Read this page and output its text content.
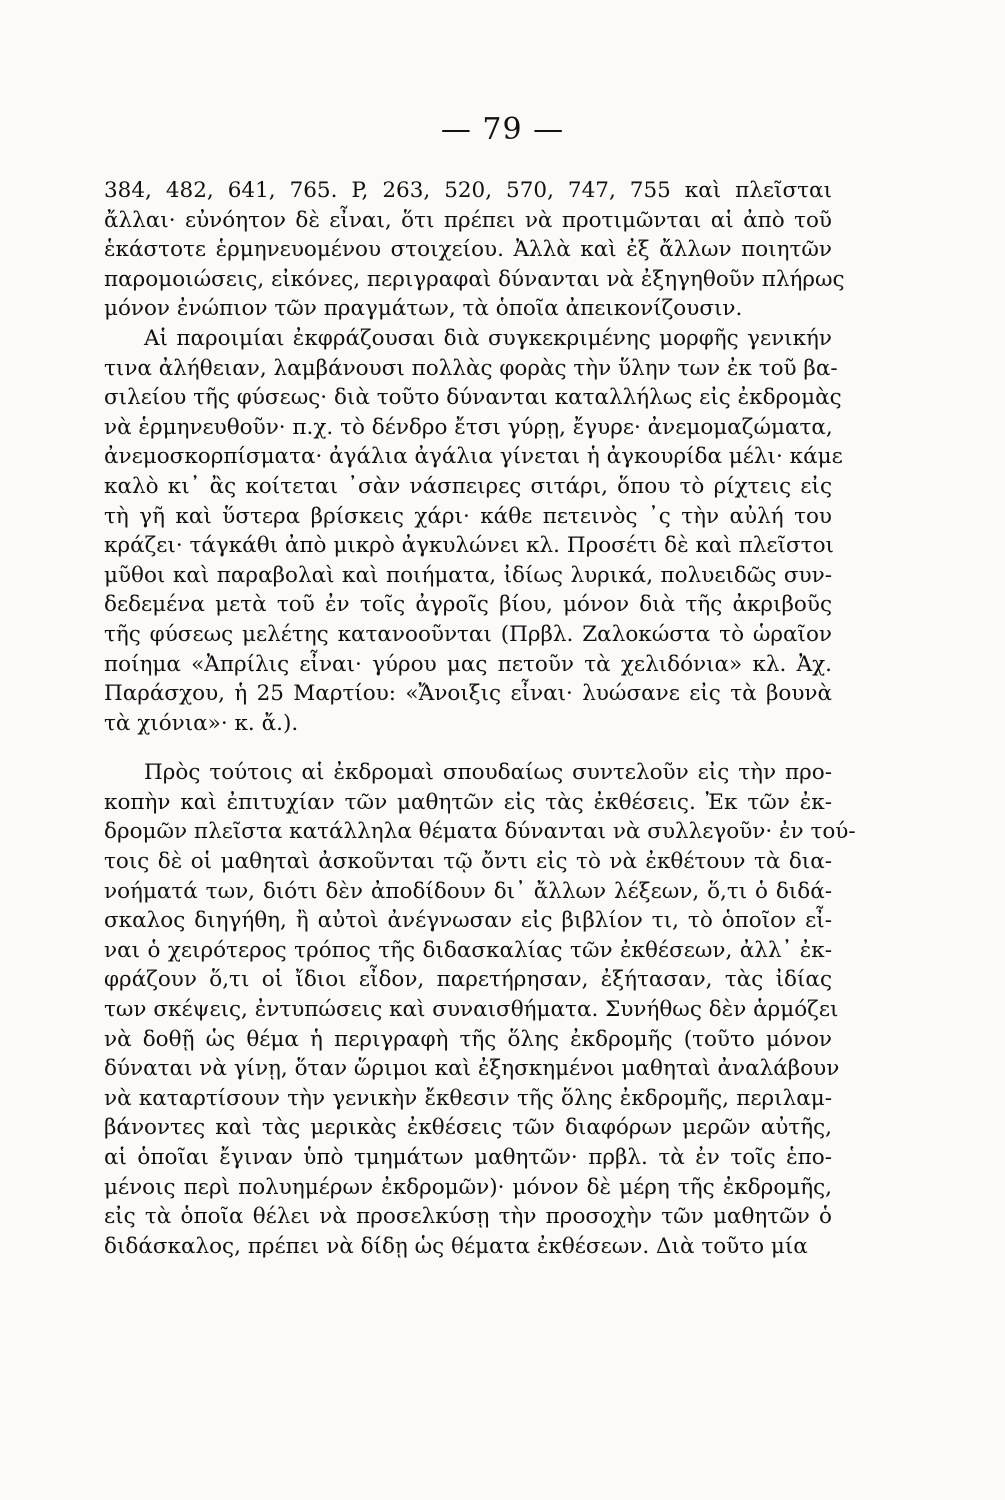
— 79 —
384, 482, 641, 765. P, 263, 520, 570, 747, 755 καὶ πλεῖσται
ἄλλαι· εὐνόητον δὲ εἶναι, ὅτι πρέπει νὰ προτιμῶνται αἱ ἀπὸ τοῦ
ἑκάστοτε ἑρμηνευομένου στοιχείου. Ἀλλὰ καὶ ἐξ ἄλλων ποιητῶν
παρομοιώσεις, εἰκόνες, περιγραφαὶ δύνανται νὰ ἐξηγηθοῦν πλήρως
μόνον ἐνώπιον τῶν πραγμάτων, τὰ ὁποῖα ἀπεικονίζουσιν.
Αἱ παροιμίαι ἐκφράζουσαι διὰ συγκεκριμένης μορφῆς γενικήν
τινα ἀλήθειαν, λαμβάνουσι πολλὰς φορὰς τὴν ὕλην των ἐκ τοῦ βα-
σιλείου τῆς φύσεως· διὰ τοῦτο δύνανται καταλλήλως εἰς ἐκδρομὰς
νὰ ἑρμηνευθοῦν· π.χ. τὸ δένδρο ἔτσι γύρῃ, ἔγυρε· ἀνεμομαζώματα,
ἀνεμοσκορπίσματα· ἀγάλια ἀγάλια γίνεται ἡ ἀγκουρίδα μέλι· κάμε
καλὸ κι᾽ ἂς κοίτεται ᾽σὰν νάσπειρες σιτάρι, ὅπου τὸ ρίχτεις εἰς
τὴ γῆ καὶ ὕστερα βρίσκεις χάρι· κάθε πετεινὸς ᾽ς τὴν αὐλή του
κράζει· τάγκάθι ἀπὸ μικρὸ ἀγκυλώνει κλ. Προσέτι δὲ καὶ πλεῖστοι
μῦθοι καὶ παραβολαὶ καὶ ποιήματα, ἰδίως λυρικά, πολυειδῶς συν-
δεδεμένα μετὰ τοῦ ἐν τοῖς ἀγροῖς βίου, μόνον διὰ τῆς ἀκριβοῦς
τῆς φύσεως μελέτης κατανοοῦνται (Πρβλ. Ζαλοκώστα τὸ ὡραῖον
ποίημα «Ἀπρίλις εἶναι· γύρου μας πετοῦν τὰ χελιδόνια» κλ. Ἀχ.
Παράσχου, ἡ 25 Μαρτίου: «Ἄνοιξις εἶναι· λυώσανε εἰς τὰ βουνὰ
τὰ χιόνια»· κ. ἄ.).
Πρὸς τούτοις αἱ ἐκδρομαὶ σπουδαίως συντελοῦν εἰς τὴν προ-
κοπὴν καὶ ἐπιτυχίαν τῶν μαθητῶν εἰς τὰς ἐκθέσεις. Ἐκ τῶν ἐκ-
δρομῶν πλεῖστα κατάλληλα θέματα δύνανται νὰ συλλεγοῦν· ἐν τού-
τοις δὲ οἱ μαθηταὶ ἀσκοῦνται τῷ ὄντι εἰς τὸ νὰ ἐκθέτουν τὰ δια-
νοήματά των, διότι δὲν ἀποδίδουν δι᾽ ἄλλων λέξεων, ὅ,τι ὁ διδά-
σκαλος διηγήθη, ἢ αὐτοὶ ἀνέγνωσαν εἰς βιβλίον τι, τὸ ὁποῖον εἶ-
ναι ὁ χειρότερος τρόπος τῆς διδασκαλίας τῶν ἐκθέσεων, ἀλλ᾽ ἐκ-
φράζουν ὅ,τι οἱ ἴδιοι εἶδον, παρετήρησαν, ἐξήτασαν, τὰς ἰδίας
των σκέψεις, ἐντυπώσεις καὶ συναισθήματα. Συνήθως δὲν ἁρμόζει
νὰ δοθῇ ὡς θέμα ἡ περιγραφὴ τῆς ὅλης ἐκδρομῆς (τοῦτο μόνον
δύναται νὰ γίνῃ, ὅταν ὥριμοι καὶ ἐξησκημένοι μαθηταὶ ἀναλάβουν
νὰ καταρτίσουν τὴν γενικὴν ἔκθεσιν τῆς ὅλης ἐκδρομῆς, περιλαμ-
βάνοντες καὶ τὰς μερικὰς ἐκθέσεις τῶν διαφόρων μερῶν αὐτῆς,
αἱ ὁποῖαι ἔγιναν ὑπὸ τμημάτων μαθητῶν· πρβλ. τὰ ἐν τοῖς ἑπο-
μένοις περὶ πολυημέρων ἐκδρομῶν)· μόνον δὲ μέρη τῆς ἐκδρομῆς,
εἰς τὰ ὁποῖα θέλει νὰ προσελκύσῃ τὴν προσοχὴν τῶν μαθητῶν ὁ
διδάσκαλος, πρέπει νὰ δίδῃ ὡς θέματα ἐκθέσεων. Διὰ τοῦτο μία
